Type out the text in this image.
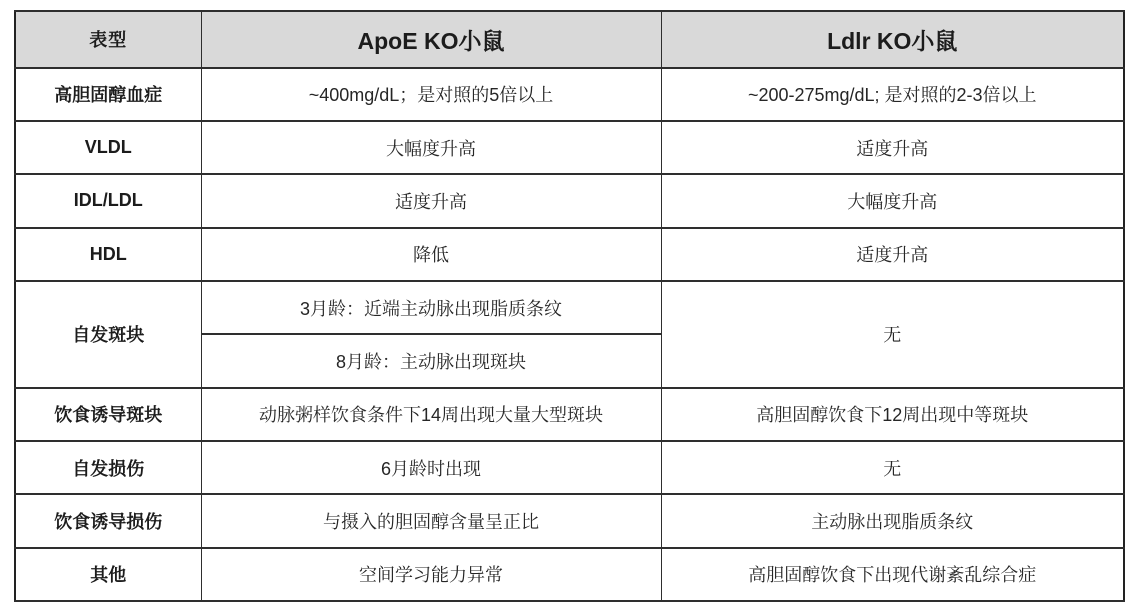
表型	ApoE KO小鼠	Ldlr KO小鼠
高胆固醇血症	~400mg/dL；是对照的5倍以上	~200-275mg/dL; 是对照的2-3倍以上
VLDL	大幅度升高	适度升高
IDL/LDL	适度升高	大幅度升高
HDL	降低	适度升高
自发斑块	3月龄：近端主动脉出现脂质条纹	无
	8月龄：主动脉出现斑块	
饮食诱导斑块	动脉粥样饮食条件下14周出现大量大型斑块	高胆固醇饮食下12周出现中等斑块
自发损伤	6月龄时出现	无
饮食诱导损伤	与摄入的胆固醇含量呈正比	主动脉出现脂质条纹
其他	空间学习能力异常	高胆固醇饮食下出现代谢紊乱综合症
